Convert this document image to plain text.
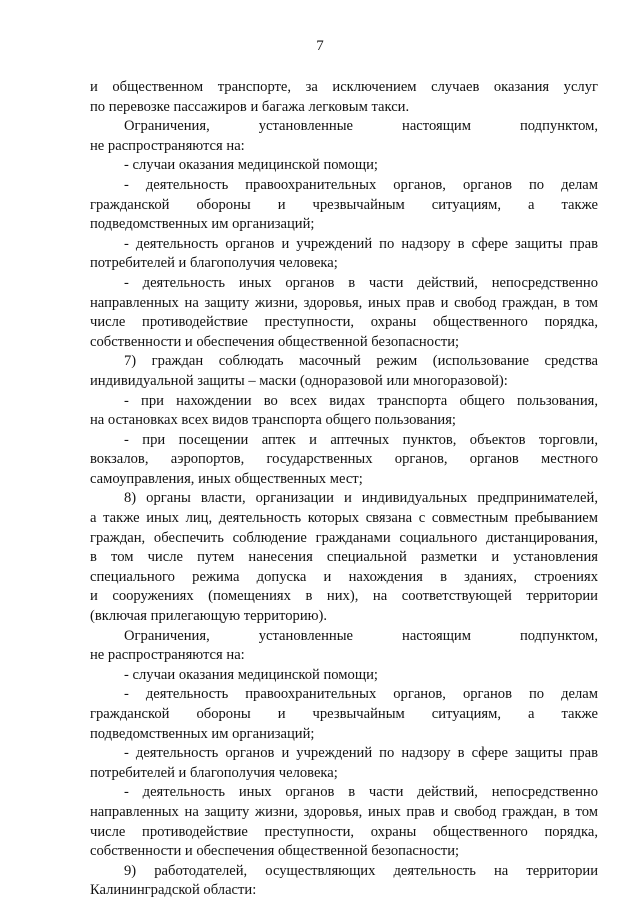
7
и общественном транспорте, за исключением случаев оказания услуг
по перевозке пассажиров и багажа легковым такси.
Ограничения, установленные настоящим подпунктом,
не распространяются на:
- случаи оказания медицинской помощи;
- деятельность правоохранительных органов, органов по делам
гражданской обороны и чрезвычайным ситуациям, а также
подведомственных им организаций;
- деятельность органов и учреждений по надзору в сфере защиты прав
потребителей и благополучия человека;
- деятельность иных органов в части действий, непосредственно
направленных на защиту жизни, здоровья, иных прав и свобод граждан, в том
числе противодействие преступности, охраны общественного порядка,
собственности и обеспечения общественной безопасности;
7) граждан соблюдать масочный режим (использование средства
индивидуальной защиты – маски (одноразовой или многоразовой):
- при нахождении во всех видах транспорта общего пользования,
на остановках всех видов транспорта общего пользования;
- при посещении аптек и аптечных пунктов, объектов торговли,
вокзалов, аэропортов, государственных органов, органов местного
самоуправления, иных общественных мест;
8) органы власти, организации и индивидуальных предпринимателей,
а также иных лиц, деятельность которых связана с совместным пребыванием
граждан, обеспечить соблюдение гражданами социального дистанцирования,
в том числе путем нанесения специальной разметки и установления
специального режима допуска и нахождения в зданиях, строениях
и сооружениях (помещениях в них), на соответствующей территории
(включая прилегающую территорию).
Ограничения, установленные настоящим подпунктом,
не распространяются на:
- случаи оказания медицинской помощи;
- деятельность правоохранительных органов, органов по делам
гражданской обороны и чрезвычайным ситуациям, а также
подведомственных им организаций;
- деятельность органов и учреждений по надзору в сфере защиты прав
потребителей и благополучия человека;
- деятельность иных органов в части действий, непосредственно
направленных на защиту жизни, здоровья, иных прав и свобод граждан, в том
числе противодействие преступности, охраны общественного порядка,
собственности и обеспечения общественной безопасности;
9) работодателей, осуществляющих деятельность на территории
Калининградской области:
